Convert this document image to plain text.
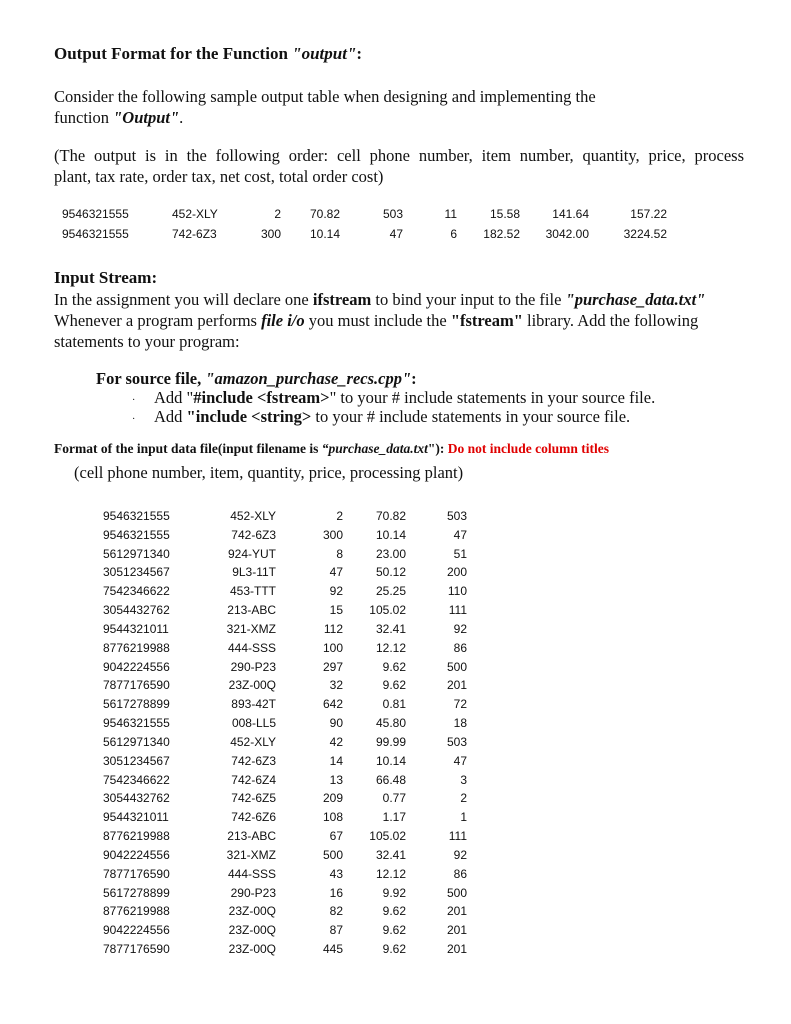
Output Format for the Function "output":
Consider the following sample output table when designing and implementing the
function "Output".
(The output is in the following order: cell phone number, item number, quantity, price, process
plant, tax rate, order tax, net cost, total order cost)
9546321555	452-XLY	2 70.82	503	11	15.58	141.64	157.22
9546321555	742-6Z3	300 10.14	47	6 182.52 3042.00	3224.52
Input Stream:
In the assignment you will declare one ifstream to bind your input to the file "purchase_data.txt"
Whenever a program performs file i/o you must include the "fstream" library. Add the following
statements to your program:
For source file, "amazon_purchase_recs.cpp":
· Add "#include <fstream>" to your # include statements in your source file.
· Add "include <string> to your # include statements in your source file.
Format of the input data file(input filename is “purchase_data.txt"): Do not include column titles
(cell phone number, item, quantity, price, processing plant)
9546321555	452-XLY	2	70.82	503
9546321555	742-6Z3	300	10.14	47
5612971340	924-YUT	8	23.00	51
3051234567	9L3-11T	47	50.12	200
7542346622	453-TTT	92	25.25	110
3054432762	213-ABC	15 105.02	111
9544321011	321-XMZ	112	32.41	92
8776219988	444-SSS	100	12.12	86
9042224556	290-P23	297	9.62	500
7877176590	23Z-00Q	32	9.62	201
5617278899	893-42T	642	0.81	72
9546321555	008-LL5	90	45.80	18
5612971340	452-XLY	42	99.99	503
3051234567	742-6Z3	14	10.14	47
7542346622	742-6Z4	13	66.48	3
3054432762	742-6Z5	209	0.77	2
9544321011	742-6Z6	108	1.17	1
8776219988	213-ABC	67 105.02	111
9042224556	321-XMZ	500	32.41	92
7877176590	444-SSS	43	12.12	86
5617278899	290-P23	16	9.92	500
8776219988	23Z-00Q	82	9.62	201
9042224556	23Z-00Q	87	9.62	201
7877176590	23Z-00Q	445	9.62	201
